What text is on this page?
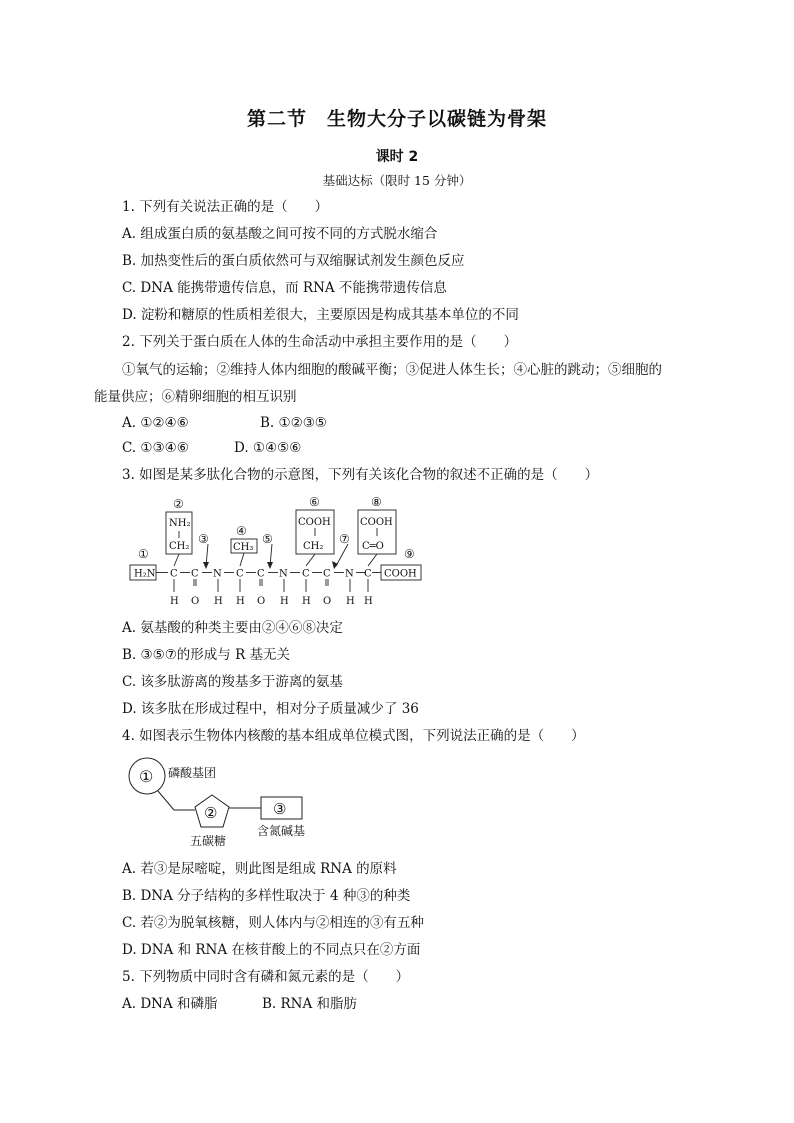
第二节　生物大分子以碳链为骨架
课时 2
基础达标（限时 15 分钟）
1. 下列有关说法正确的是（　　）
A. 组成蛋白质的氨基酸之间可按不同的方式脱水缩合
B. 加热变性后的蛋白质依然可与双缩脲试剂发生颜色反应
C. DNA 能携带遗传信息，而 RNA 不能携带遗传信息
D. 淀粉和糖原的性质相差很大，主要原因是构成其基本单位的不同
2. 下列关于蛋白质在人体的生命活动中承担主要作用的是（　　）
①氧气的运输；②维持人体内细胞的酸碱平衡；③促进人体生长；④心脏的跳动；⑤细胞的
能量供应；⑥精卵细胞的相互识别
A. ①②④⑥	B. ①②③⑤
C. ①③④⑥	D. ①④⑤⑥
3. 如图是某多肽化合物的示意图，下列有关该化合物的叙述不正确的是（　　）
H₂N
NH₂
CH₂	CH₃
COOH
CH₂
COOH
C═O
COOH
C C N C C N C C N C
H O H H O H H O H H
①
②
③
④
⑤
⑥
⑦
⑧
⑨
A. 氨基酸的种类主要由②④⑥⑧决定
B. ③⑤⑦的形成与 R 基无关
C. 该多肽游离的羧基多于游离的氨基
D. 该多肽在形成过程中，相对分子质量减少了 36
4. 如图表示生物体内核酸的基本组成单位模式图，下列说法正确的是（　　）
①
②	③
磷酸基团
五碳糖
含氮碱基
A. 若③是尿嘧啶，则此图是组成 RNA 的原料
B. DNA 分子结构的多样性取决于 4 种③的种类
C. 若②为脱氧核糖，则人体内与②相连的③有五种
D. DNA 和 RNA 在核苷酸上的不同点只在②方面
5. 下列物质中同时含有磷和氮元素的是（　　）
A. DNA 和磷脂	B. RNA 和脂肪
